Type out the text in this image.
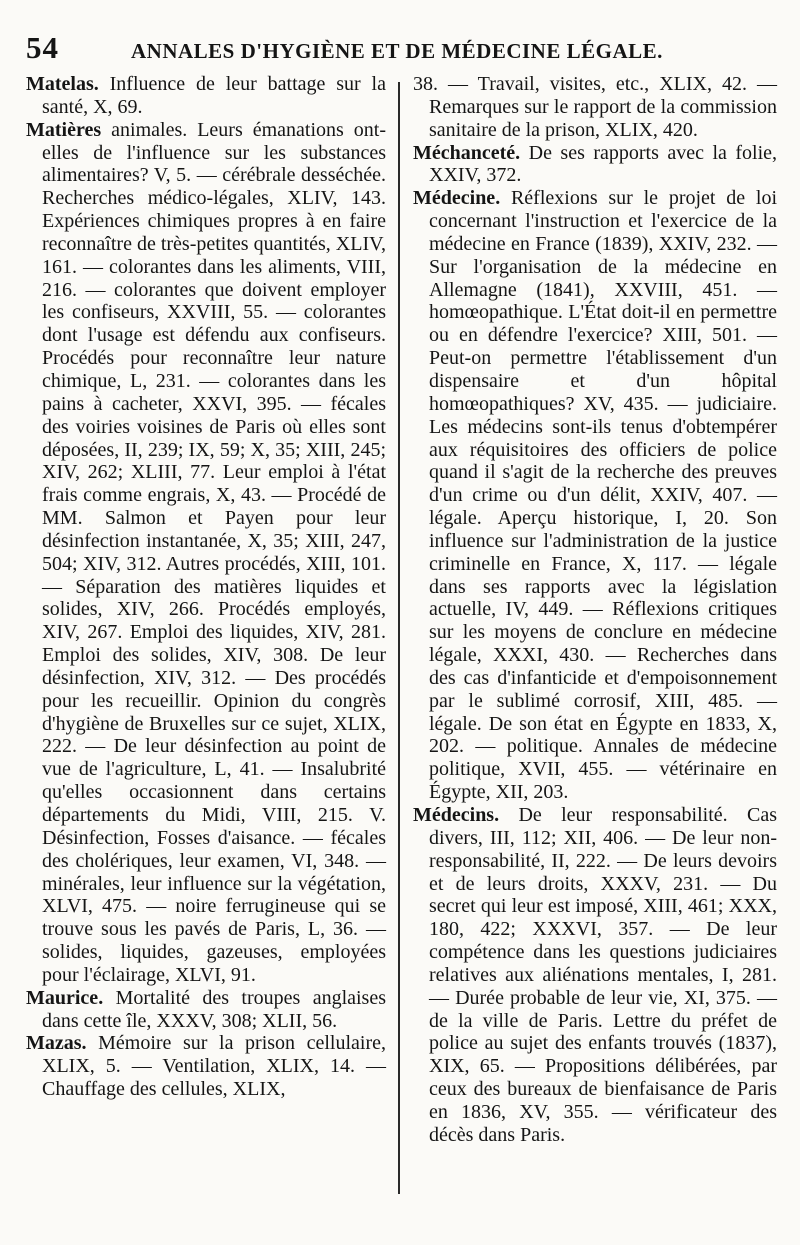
54	ANNALES D'HYGIÈNE ET DE MÉDECINE LÉGALE.

Matelas. Influence de leur battage sur la santé, X, 69.

Matières animales. Leurs émanations ont-elles de l'influence sur les substances alimentaires? V, 5. — cérébrale desséchée. Recherches médico-légales, XLIV, 143. Expériences chimiques propres à en faire reconnaître de très-petites quantités, XLIV, 161. — colorantes dans les aliments, VIII, 216. — colorantes que doivent employer les confiseurs, XXVIII, 55. — colorantes dont l'usage est défendu aux confiseurs. Procédés pour reconnaître leur nature chimique, L, 231. — colorantes dans les pains à cacheter, XXVI, 395. — fécales des voiries voisines de Paris où elles sont déposées, II, 239; IX, 59; X, 35; XIII, 245; XIV, 262; XLIII, 77. Leur emploi à l'état frais comme engrais, X, 43. — Procédé de MM. Salmon et Payen pour leur désinfection instantanée, X, 35; XIII, 247, 504; XIV, 312. Autres procédés, XIII, 101. — Séparation des matières liquides et solides, XIV, 266. Procédés employés, XIV, 267. Emploi des liquides, XIV, 281. Emploi des solides, XIV, 308. De leur désinfection, XIV, 312. — Des procédés pour les recueillir. Opinion du congrès d'hygiène de Bruxelles sur ce sujet, XLIX, 222. — De leur désinfection au point de vue de l'agriculture, L, 41. — Insalubrité qu'elles occasionnent dans certains départements du Midi, VIII, 215. V. Désinfection, Fosses d'aisance. — fécales des cholériques, leur examen, VI, 348. — minérales, leur influence sur la végétation, XLVI, 475. — noire ferrugineuse qui se trouve sous les pavés de Paris, L, 36. — solides, liquides, gazeuses, employées pour l'éclairage, XLVI, 91.

Maurice. Mortalité des troupes anglaises dans cette île, XXXV, 308; XLII, 56.

Mazas. Mémoire sur la prison cellulaire, XLIX, 5. — Ventilation, XLIX, 14. — Chauffage des cellules, XLIX,

38. — Travail, visites, etc., XLIX, 42. — Remarques sur le rapport de la commission sanitaire de la prison, XLIX, 420.

Méchanceté. De ses rapports avec la folie, XXIV, 372.

Médecine. Réflexions sur le projet de loi concernant l'instruction et l'exercice de la médecine en France (1839), XXIV, 232. — Sur l'organisation de la médecine en Allemagne (1841), XXVIII, 451. — homœopathique. L'État doit-il en permettre ou en défendre l'exercice? XIII, 501. — Peut-on permettre l'établissement d'un dispensaire et d'un hôpital homœopathiques? XV, 435. — judiciaire. Les médecins sont-ils tenus d'obtempérer aux réquisitoires des officiers de police quand il s'agit de la recherche des preuves d'un crime ou d'un délit, XXIV, 407. — légale. Aperçu historique, I, 20. Son influence sur l'administration de la justice criminelle en France, X, 117. — légale dans ses rapports avec la législation actuelle, IV, 449. — Réflexions critiques sur les moyens de conclure en médecine légale, XXXI, 430. — Recherches dans des cas d'infanticide et d'empoisonnement par le sublimé corrosif, XIII, 485. — légale. De son état en Égypte en 1833, X, 202. — politique. Annales de médecine politique, XVII, 455. — vétérinaire en Égypte, XII, 203.

Médecins. De leur responsabilité. Cas divers, III, 112; XII, 406. — De leur non-responsabilité, II, 222. — De leurs devoirs et de leurs droits, XXXV, 231. — Du secret qui leur est imposé, XIII, 461; XXX, 180, 422; XXXVI, 357. — De leur compétence dans les questions judiciaires relatives aux aliénations mentales, I, 281. — Durée probable de leur vie, XI, 375. — de la ville de Paris. Lettre du préfet de police au sujet des enfants trouvés (1837), XIX, 65. — Propositions délibérées, par ceux des bureaux de bienfaisance de Paris en 1836, XV, 355. — vérificateur des décès dans Paris.
